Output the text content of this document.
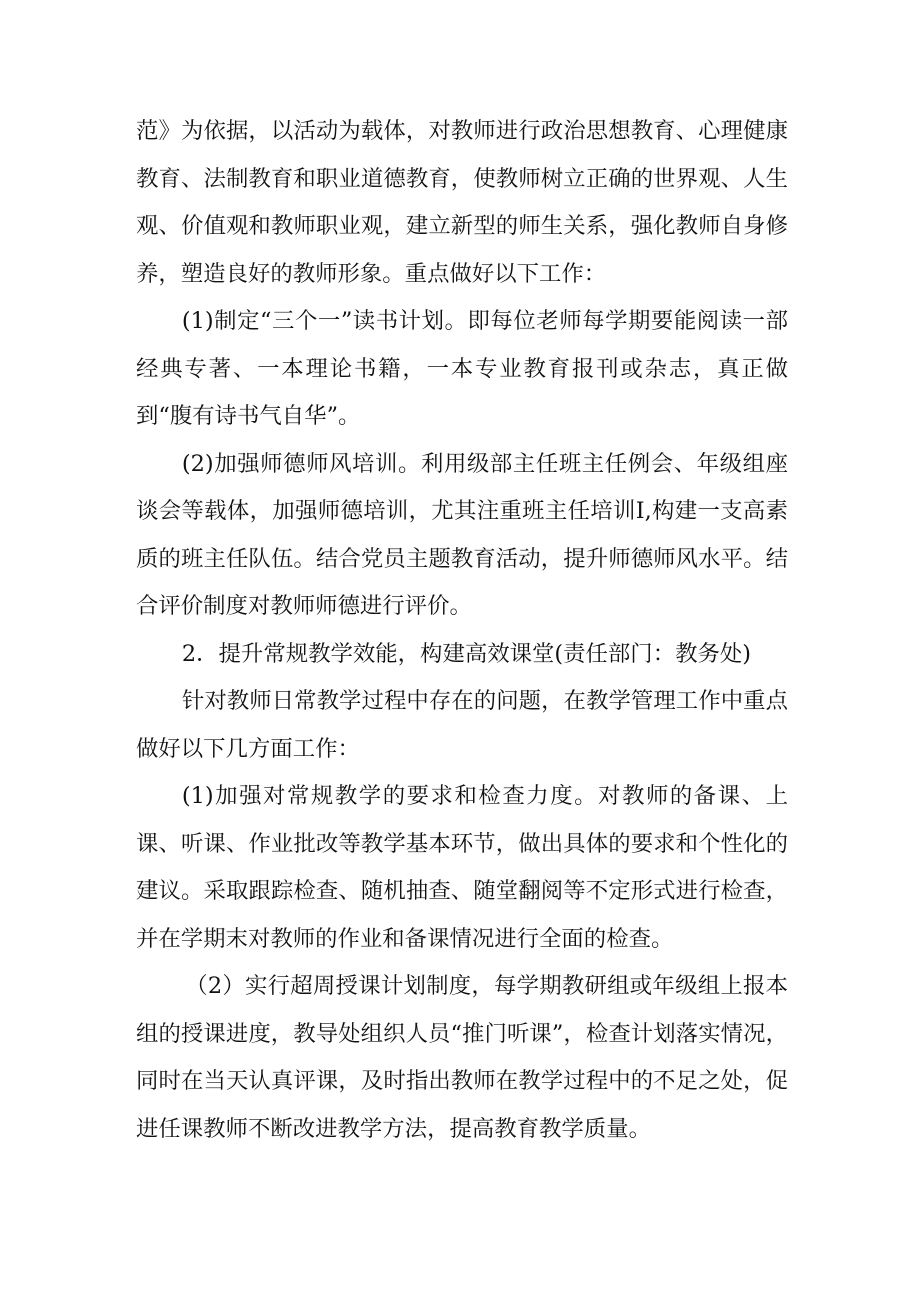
范》为依据，以活动为载体，对教师进行政治思想教育、心理健康教育、法制教育和职业道德教育，使教师树立正确的世界观、人生观、价值观和教师职业观，建立新型的师生关系，强化教师自身修养，塑造良好的教师形象。重点做好以下工作：

(1)制定“三个一”读书计划。即每位老师每学期要能阅读一部经典专著、一本理论书籍，一本专业教育报刊或杂志，真正做到“腹有诗书气自华”。

(2)加强师德师风培训。利用级部主任班主任例会、年级组座谈会等载体，加强师德培训，尤其注重班主任培训I,构建一支高素质的班主任队伍。结合党员主题教育活动，提升师德师风水平。结合评价制度对教师师德进行评价。

2．提升常规教学效能，构建高效课堂(责任部门：教务处)

针对教师日常教学过程中存在的问题，在教学管理工作中重点做好以下几方面工作：

(1)加强对常规教学的要求和检查力度。对教师的备课、上课、听课、作业批改等教学基本环节，做出具体的要求和个性化的建议。采取跟踪检查、随机抽查、随堂翻阅等不定形式进行检查，并在学期末对教师的作业和备课情况进行全面的检查。

（2）实行超周授课计划制度，每学期教研组或年级组上报本组的授课进度，教导处组织人员“推门听课”，检查计划落实情况，同时在当天认真评课，及时指出教师在教学过程中的不足之处，促进任课教师不断改进教学方法，提高教育教学质量。
